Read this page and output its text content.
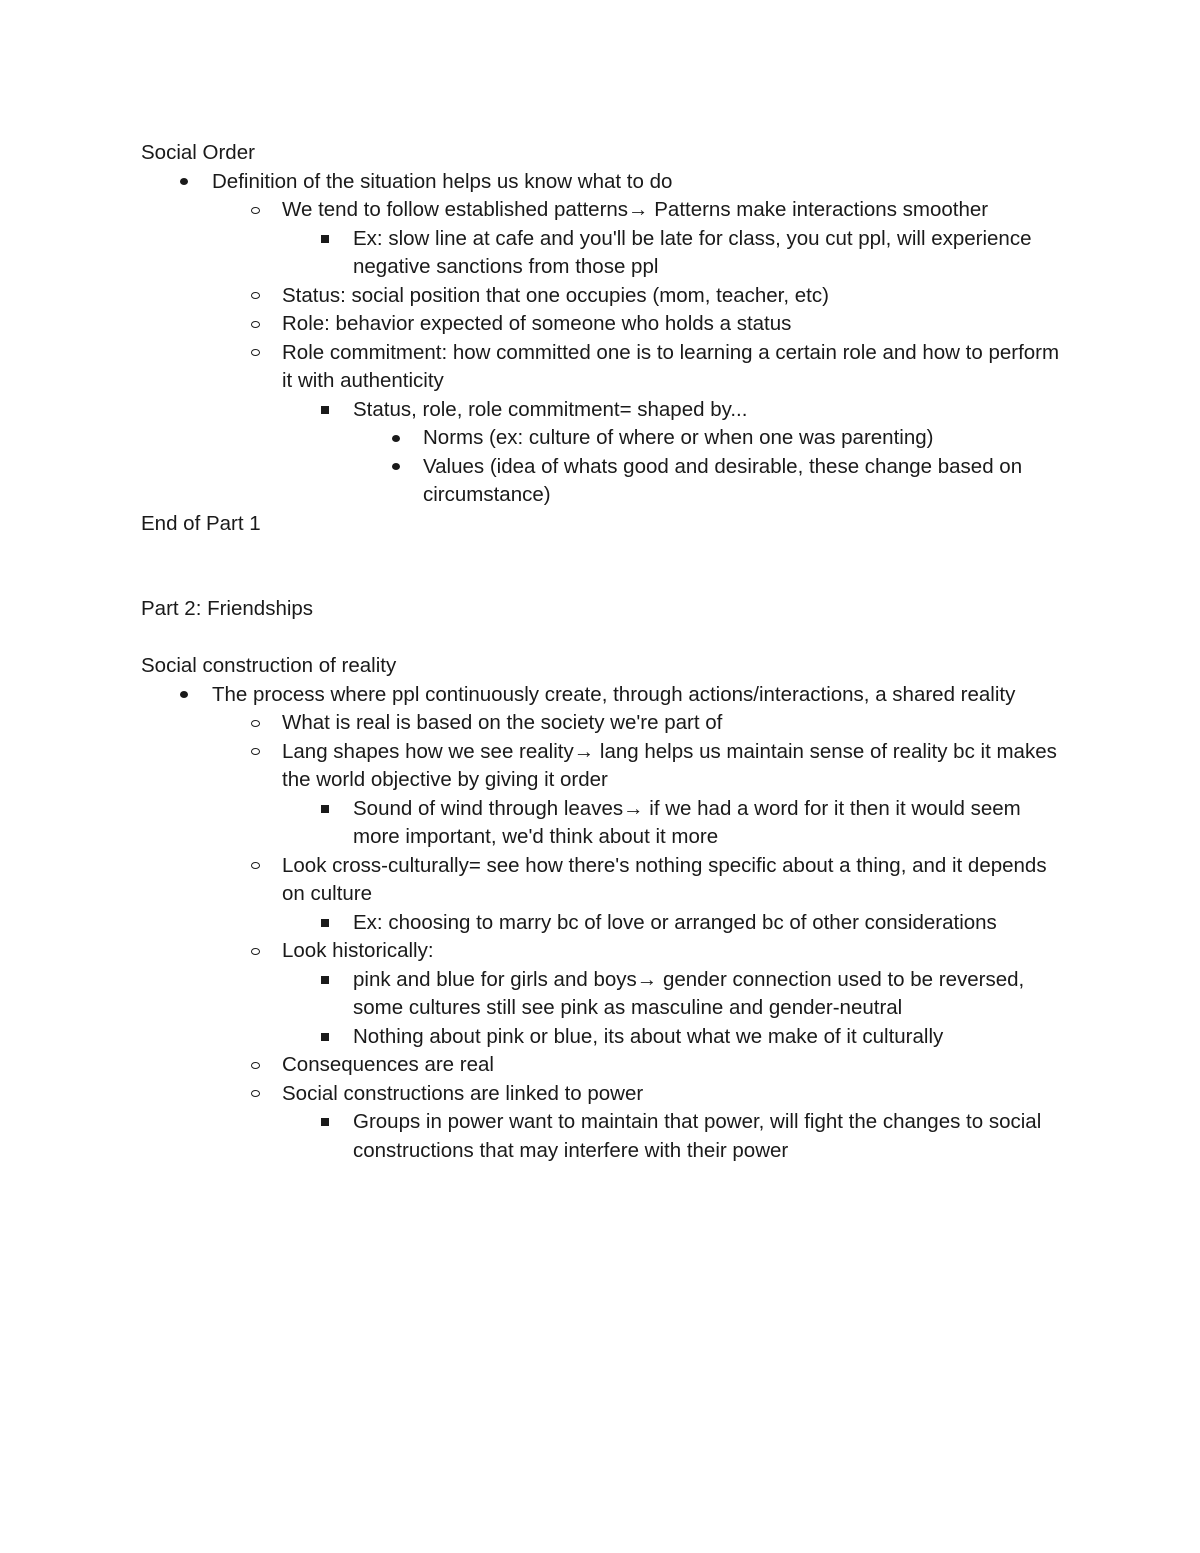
Social Order

Definition of the situation helps us know what to do
We tend to follow established patterns→ Patterns make interactions smoother
Ex: slow line at cafe and you'll be late for class, you cut ppl, will experience negative sanctions from those ppl
Status: social position that one occupies (mom, teacher, etc)
Role: behavior expected of someone who holds a status
Role commitment: how committed one is to learning a certain role and how to perform it with authenticity
Status, role, role commitment= shaped by...
Norms (ex: culture of where or when one was parenting)
Values (idea of whats good and desirable, these change based on circumstance)

End of Part 1

Part 2: Friendships

Social construction of reality

The process where ppl continuously create, through actions/interactions, a shared reality
What is real is based on the society we're part of
Lang shapes how we see reality→ lang helps us maintain sense of reality bc it makes the world objective by giving it order
Sound of wind through leaves→ if we had a word for it then it would seem more important, we'd think about it more
Look cross-culturally= see how there's nothing specific about a thing, and it depends on culture
Ex: choosing to marry bc of love or arranged bc of other considerations
Look historically:
pink and blue for girls and boys→ gender connection used to be reversed, some cultures still see pink as masculine and gender-neutral
Nothing about pink or blue, its about what we make of it culturally
Consequences are real
Social constructions are linked to power
Groups in power want to maintain that power, will fight the changes to social constructions that may interfere with their power
